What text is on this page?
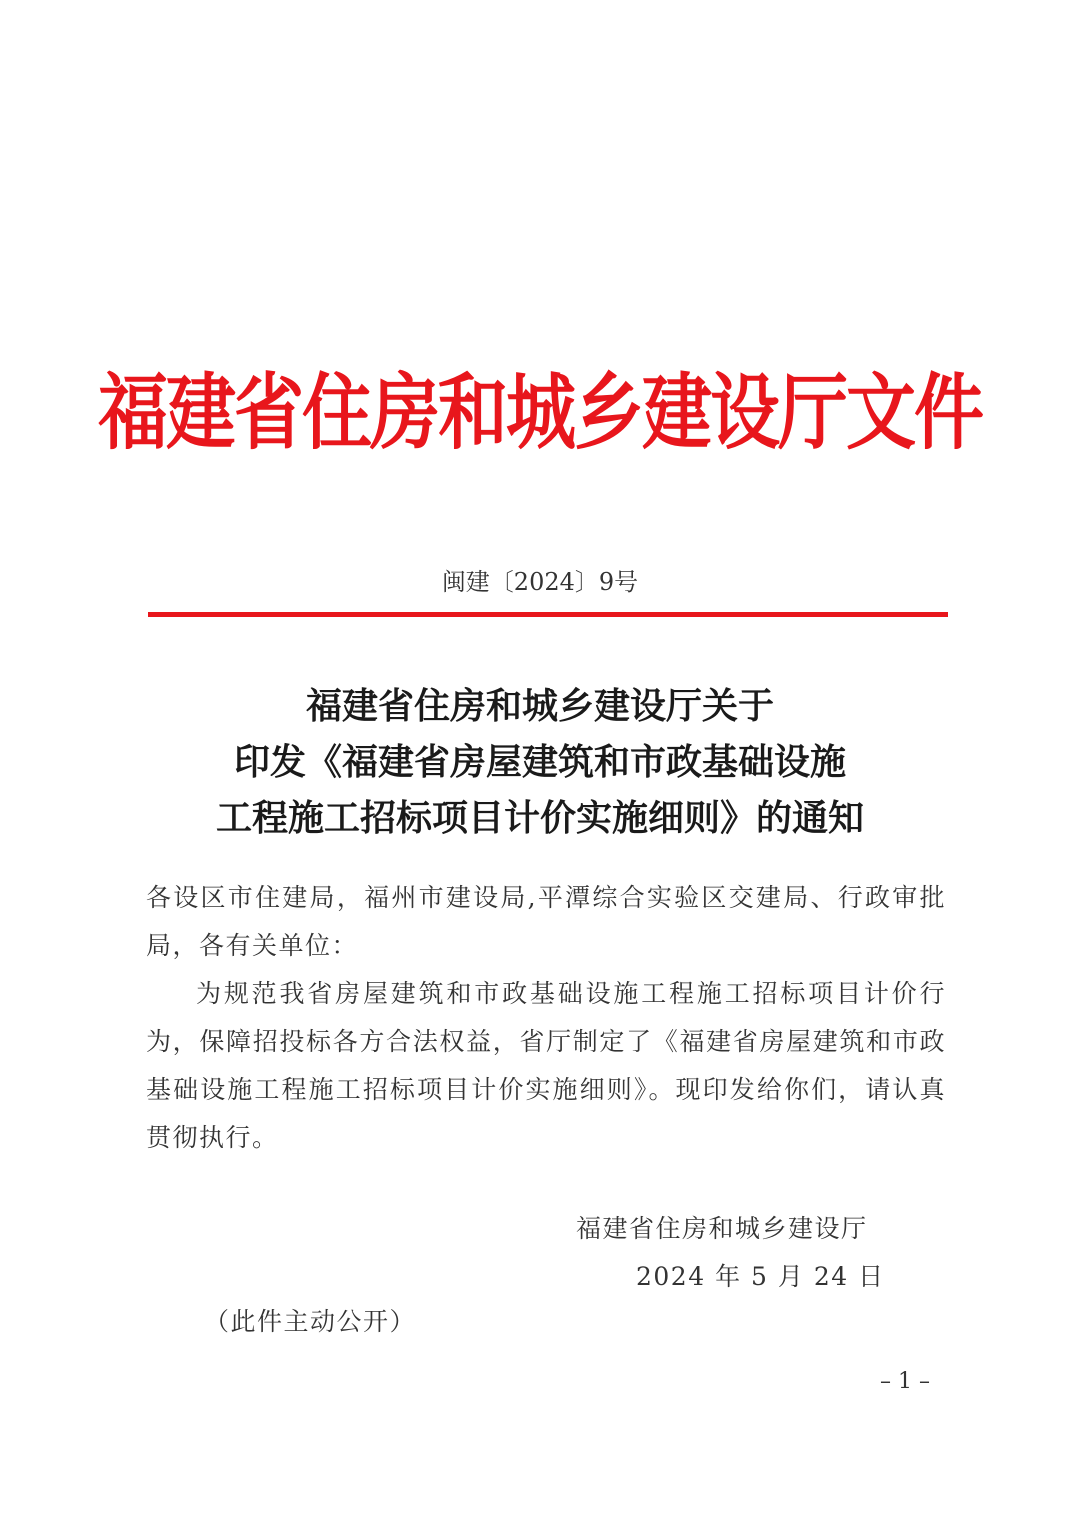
福建省住房和城乡建设厅文件
闽建〔2024〕9号
福建省住房和城乡建设厅关于
印发《福建省房屋建筑和市政基础设施
工程施工招标项目计价实施细则》的通知

各设区市住建局，福州市建设局,平潭综合实验区交建局、行政审批局，各有关单位：

为规范我省房屋建筑和市政基础设施工程施工招标项目计价行为，保障招投标各方合法权益，省厅制定了《福建省房屋建筑和市政基础设施工程施工招标项目计价实施细则》。现印发给你们，请认真贯彻执行。

福建省住房和城乡建设厅
2024 年 5 月 24 日
（此件主动公开）
– 1 –
